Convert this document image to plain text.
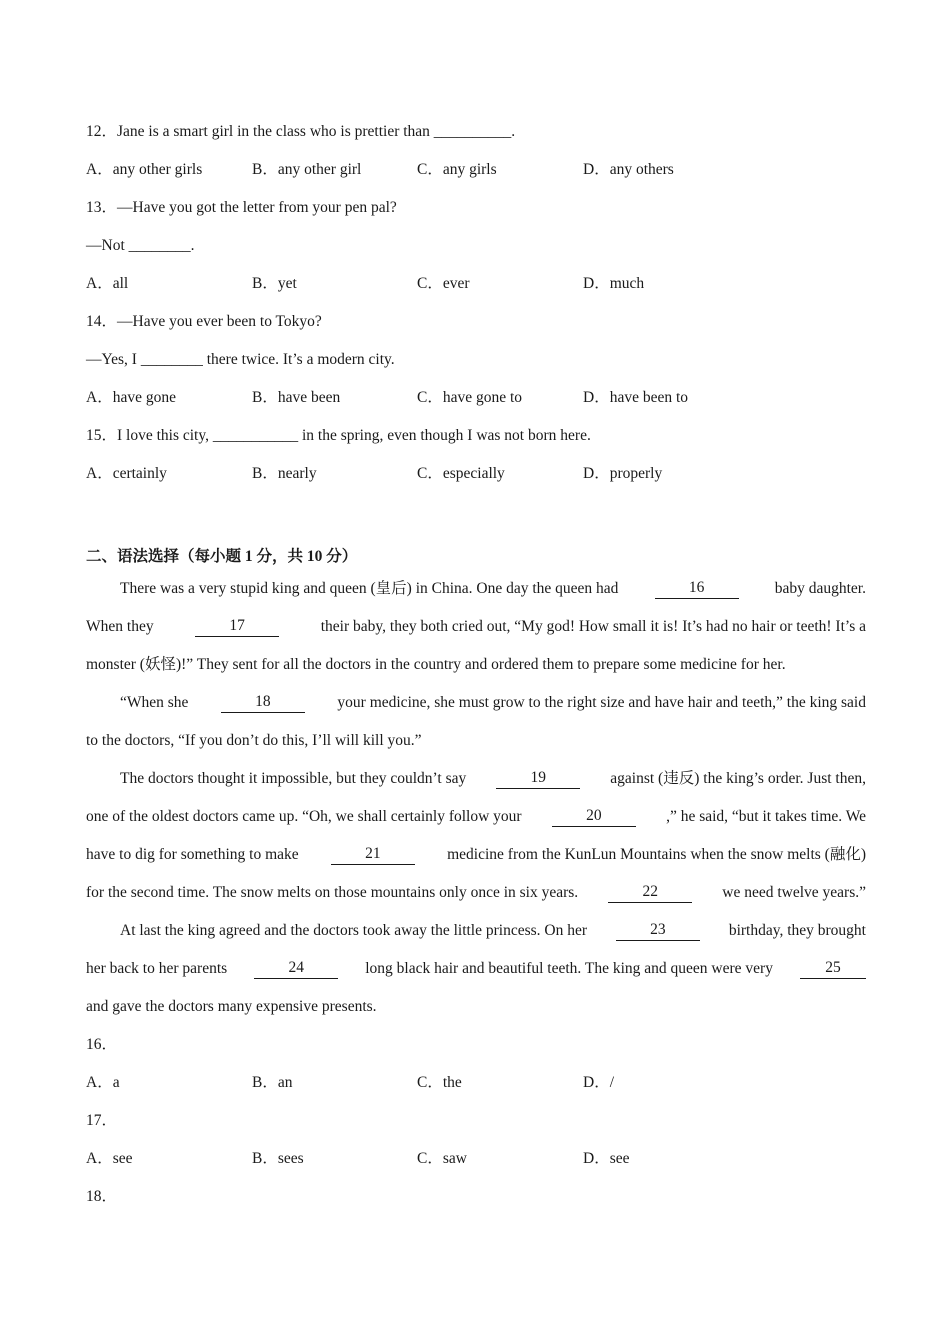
12．Jane is a smart girl in the class who is prettier than __________.
A．any other girls	B．any other girl	C．any girls	D．any others
13．—Have you got the letter from your pen pal?
—Not ________.
A．all	B．yet	C．ever	D．much
14．—Have you ever been to Tokyo?
—Yes, I ________ there twice. It’s a modern city.
A．have gone	B．have been	C．have gone to	D．have been to
15．I love this city, ___________ in the spring, even though I was not born here.
A．certainly	B．nearly	C．especially	D．properly
二、语法选择（每小题 1 分，共 10 分）
There was a very stupid king and queen (皇后) in China. One day the queen had	16	baby daughter.
When they	17	their baby, they both cried out, “My god! How small it is! It’s had no hair or teeth! It’s a
monster (妖怪)!” They sent for all the doctors in the country and ordered them to prepare some medicine for her.
“When she	18	your medicine, she must grow to the right size and have hair and teeth,” the king said
to the doctors, “If you don’t do this, I’ll will kill you.”
The doctors thought it impossible, but they couldn’t say	19	against (违反) the king’s order. Just then,
one of the oldest doctors came up. “Oh, we shall certainly follow your	20	,” he said, “but it takes time. We
have to dig for something to make	21	medicine from the KunLun Mountains when the snow melts (融化)
for the second time. The snow melts on those mountains only once in six years.	22	we need twelve years.”
At last the king agreed and the doctors took away the little princess. On her	23	birthday, they brought
her back to her parents	24	long black hair and beautiful teeth. The king and queen were very	25
and gave the doctors many expensive presents.
16．
A．a	B．an	C．the	D．/
17．
A．see	B．sees	C．saw	D．see
18．
